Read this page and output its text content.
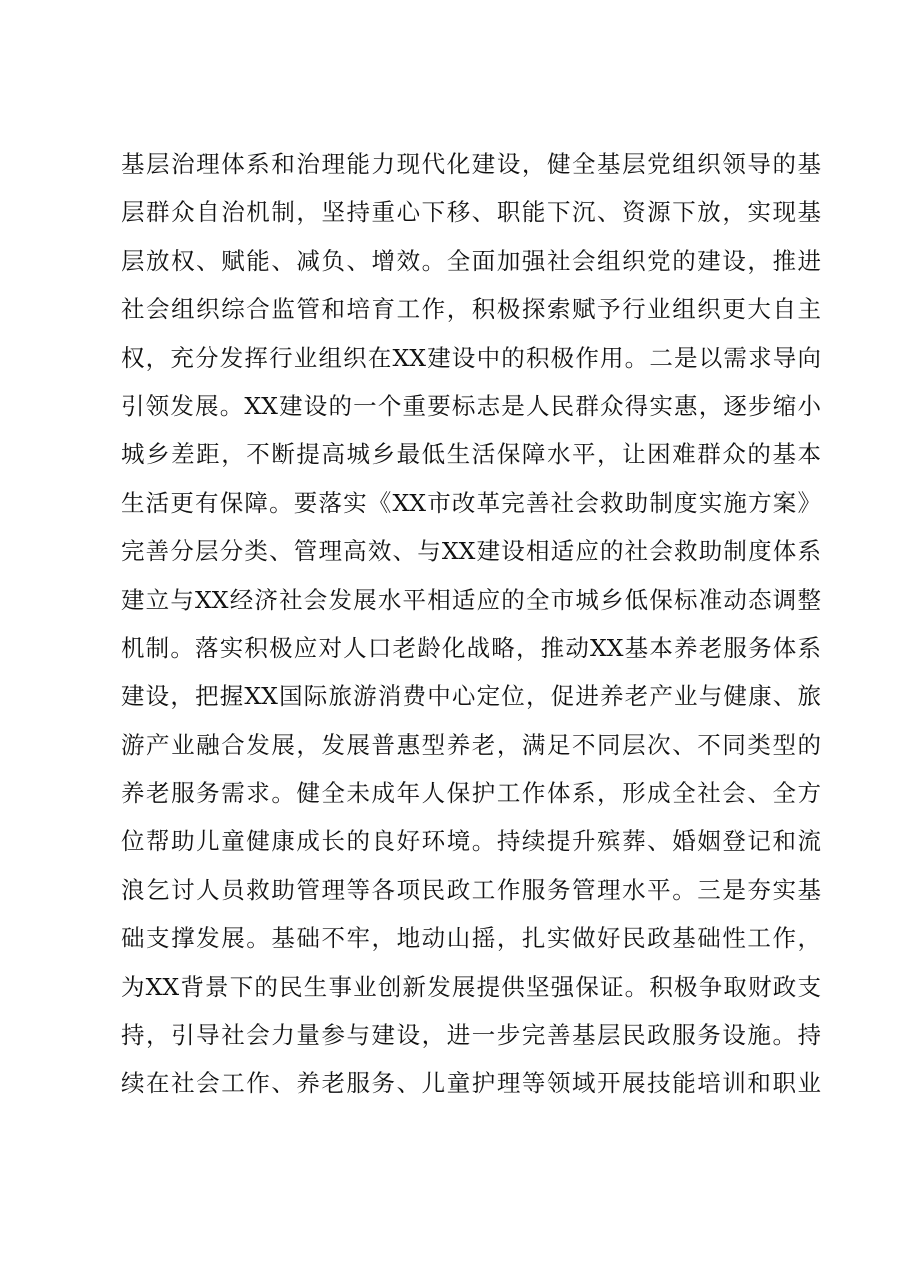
基层治理体系和治理能力现代化建设，健全基层党组织领导的基
层群众自治机制，坚持重心下移、职能下沉、资源下放，实现基
层放权、赋能、减负、增效。全面加强社会组织党的建设，推进
社会组织综合监管和培育工作，积极探索赋予行业组织更大自主
权，充分发挥行业组织在XX建设中的积极作用。二是以需求导向
引领发展。XX建设的一个重要标志是人民群众得实惠，逐步缩小
城乡差距，不断提高城乡最低生活保障水平，让困难群众的基本
生活更有保障。要落实《XX市改革完善社会救助制度实施方案》
完善分层分类、管理高效、与XX建设相适应的社会救助制度体系
建立与XX经济社会发展水平相适应的全市城乡低保标准动态调整
机制。落实积极应对人口老龄化战略，推动XX基本养老服务体系
建设，把握XX国际旅游消费中心定位，促进养老产业与健康、旅
游产业融合发展，发展普惠型养老，满足不同层次、不同类型的
养老服务需求。健全未成年人保护工作体系，形成全社会、全方
位帮助儿童健康成长的良好环境。持续提升殡葬、婚姻登记和流
浪乞讨人员救助管理等各项民政工作服务管理水平。三是夯实基
础支撑发展。基础不牢，地动山摇，扎实做好民政基础性工作，
为XX背景下的民生事业创新发展提供坚强保证。积极争取财政支
持，引导社会力量参与建设，进一步完善基层民政服务设施。持
续在社会工作、养老服务、儿童护理等领域开展技能培训和职业
